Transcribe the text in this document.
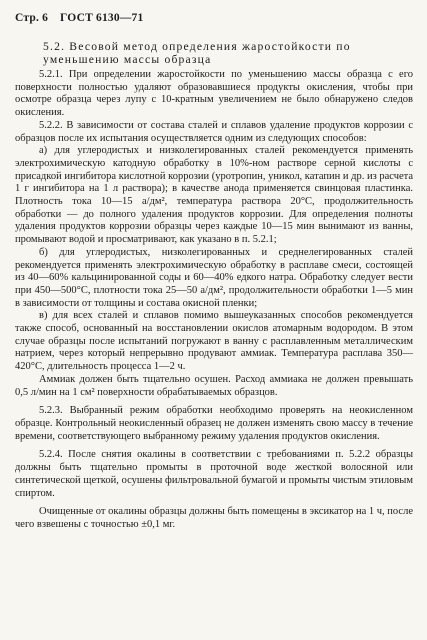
Стр. 6 ГОСТ 6130—71
5.2. Весовой метод определения жаростойкости по уменьшению массы образца

5.2.1. При определении жаростойкости по уменьшению массы образца с его поверхности полностью удаляют образовавшиеся продукты окисления, чтобы при осмотре образца через лупу с 10-кратным увеличением не было обнаружено следов окисления.

5.2.2. В зависимости от состава сталей и сплавов удаление продуктов коррозии с образцов после их испытания осуществляется одним из следующих способов:

а) для углеродистых и низколегированных сталей рекомендуется применять электрохимическую катодную обработку в 10%-ном растворе серной кислоты с присадкой ингибитора кислотной коррозии (уротропин, уникол, катапин и др. из расчета 1 г ингибитора на 1 л раствора); в качестве анода применяется свинцовая пластинка. Плотность тока 10—15 а/дм², температура раствора 20°С, продолжительность обработки — до полного удаления продуктов коррозии. Для определения полноты удаления продуктов коррозии образцы через каждые 10—15 мин вынимают из ванны, промывают водой и просматривают, как указано в п. 5.2.1;

б) для углеродистых, низколегированных и среднелегированных сталей рекомендуется применять электрохимическую обработку в расплаве смеси, состоящей из 40—60% кальцинированной соды и 60—40% едкого натра. Обработку следует вести при 450—500°С, плотности тока 25—50 а/дм², продолжительности обработки 1—5 мин в зависимости от толщины и состава окисной пленки;

в) для всех сталей и сплавов помимо вышеуказанных способов рекомендуется также способ, основанный на восстановлении окислов атомарным водородом. В этом случае образцы после испытаний погружают в ванну с расплавленным металлическим натрием, через который непрерывно продувают аммиак. Температура расплава 350—420°С, длительность процесса 1—2 ч.

Аммиак должен быть тщательно осушен. Расход аммиака не должен превышать 0,5 л/мин на 1 см² поверхности обрабатываемых образцов.

5.2.3. Выбранный режим обработки необходимо проверять на неокисленном образце. Контрольный неокисленный образец не должен изменять свою массу в течение времени, соответствующего выбранному режиму удаления продуктов окисления.

5.2.4. После снятия окалины в соответствии с требованиями п. 5.2.2 образцы должны быть тщательно промыты в проточной воде жесткой волосяной или синтетической щеткой, осушены фильтровальной бумагой и промыты чистым этиловым спиртом.

Очищенные от окалины образцы должны быть помещены в эксикатор на 1 ч, после чего взвешены с точностью ±0,1 мг.
